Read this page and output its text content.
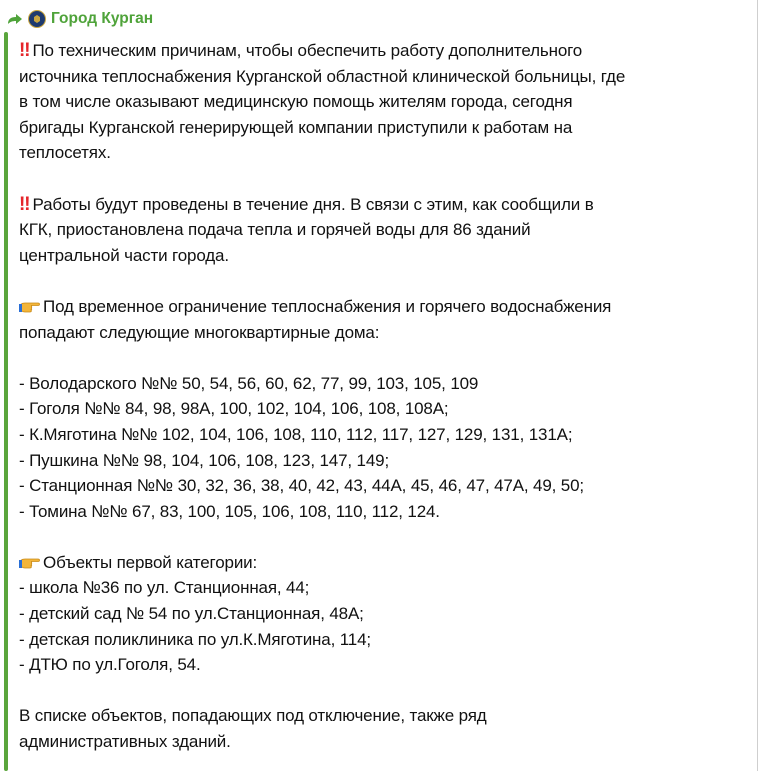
Город Курган
‼ По техническим причинам, чтобы обеспечить работу дополнительного
источника теплоснабжения Курганской областной клинической больницы, где
в том числе оказывают медицинскую помощь жителям города, сегодня
бригады Курганской генерирующей компании приступили к работам на
теплосетях.
‼ Работы будут проведены в течение дня. В связи с этим, как сообщили в
КГК, приостановлена подача тепла и горячей воды для 86 зданий
центральной части города.
Под временное ограничение теплоснабжения и горячего водоснабжения
попадают следующие многоквартирные дома:
- Володарского №№ 50, 54, 56, 60, 62, 77, 99, 103, 105, 109
- Гоголя №№ 84, 98, 98А, 100, 102, 104, 106, 108, 108А;
- К.Мяготина №№ 102, 104, 106, 108, 110, 112, 117, 127, 129, 131, 131А;
- Пушкина №№ 98, 104, 106, 108, 123, 147, 149;
- Станционная №№ 30, 32, 36, 38, 40, 42, 43, 44А, 45, 46, 47, 47А, 49, 50;
- Томина №№ 67, 83, 100, 105, 106, 108, 110, 112, 124.
Объекты первой категории:
- школа №36 по ул. Станционная, 44;
- детский сад № 54 по ул.Станционная, 48А;
- детская поликлиника по ул.К.Мяготина, 114;
- ДТЮ по ул.Гоголя, 54.
В списке объектов, попадающих под отключение, также ряд
административных зданий.
